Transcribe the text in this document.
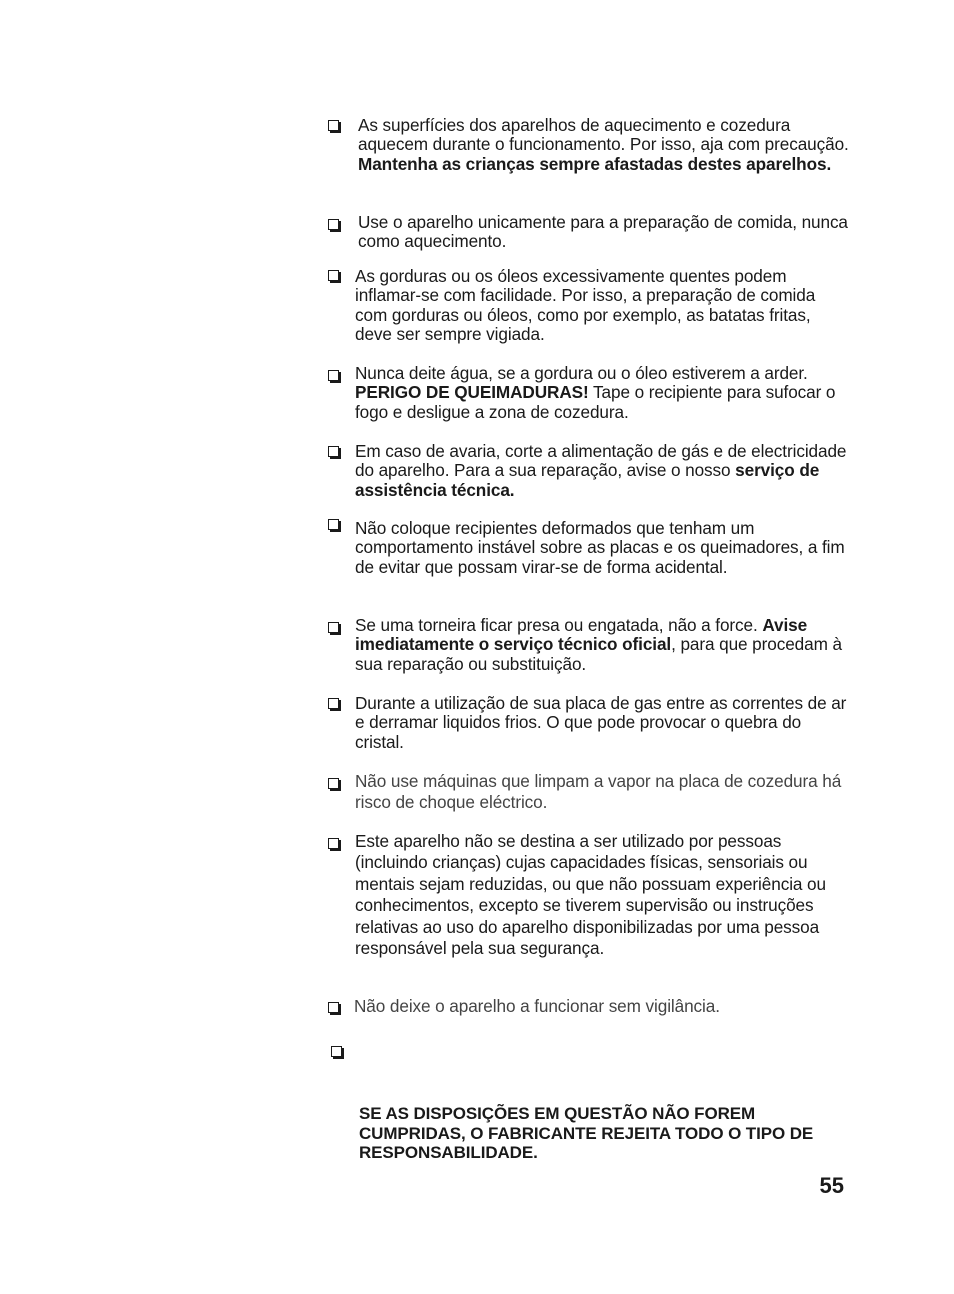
As superfícies dos aparelhos de aquecimento e cozedura aquecem durante o funcionamento. Por isso, aja com precaução. Mantenha as crianças sempre afastadas destes aparelhos.
Use o aparelho unicamente para a preparação de comida, nunca como aquecimento.
As gorduras ou os óleos excessivamente quentes podem inflamar-se com facilidade. Por isso, a preparação de comida com gorduras ou óleos, como por exemplo, as batatas fritas, deve ser sempre vigiada.
Nunca deite água, se a gordura ou o óleo estiverem a arder. PERIGO DE QUEIMADURAS! Tape o recipiente para sufocar o fogo e desligue a zona de cozedura.
Em caso de avaria, corte a alimentação de gás e de electricidade do aparelho. Para a sua reparação, avise o nosso serviço de assistência técnica.
Não coloque recipientes deformados que tenham um comportamento instável sobre as placas e os queimadores, a fim de evitar que possam virar-se de forma acidental.
Se uma torneira ficar presa ou engatada, não a force. Avise imediatamente o serviço técnico oficial, para que procedam à sua reparação ou substituição.
Durante a utilização de sua placa de gas entre as correntes de ar e derramar liquidos frios. O que pode provocar o quebra do cristal.
Não use máquinas que limpam a vapor na placa de cozedura há risco de choque eléctrico.
Este aparelho não se destina a ser utilizado por pessoas (incluindo crianças) cujas capacidades físicas, sensoriais ou mentais sejam reduzidas, ou que não possuam experiência ou conhecimentos, excepto se tiverem supervisão ou instruções relativas ao uso do aparelho disponibilizadas por uma pessoa responsável pela sua segurança.
Não deixe o aparelho a funcionar sem vigilância.
SE AS DISPOSIÇÕES EM QUESTÃO NÃO FOREM CUMPRIDAS, O FABRICANTE REJEITA TODO O TIPO DE RESPONSABILIDADE.
55
